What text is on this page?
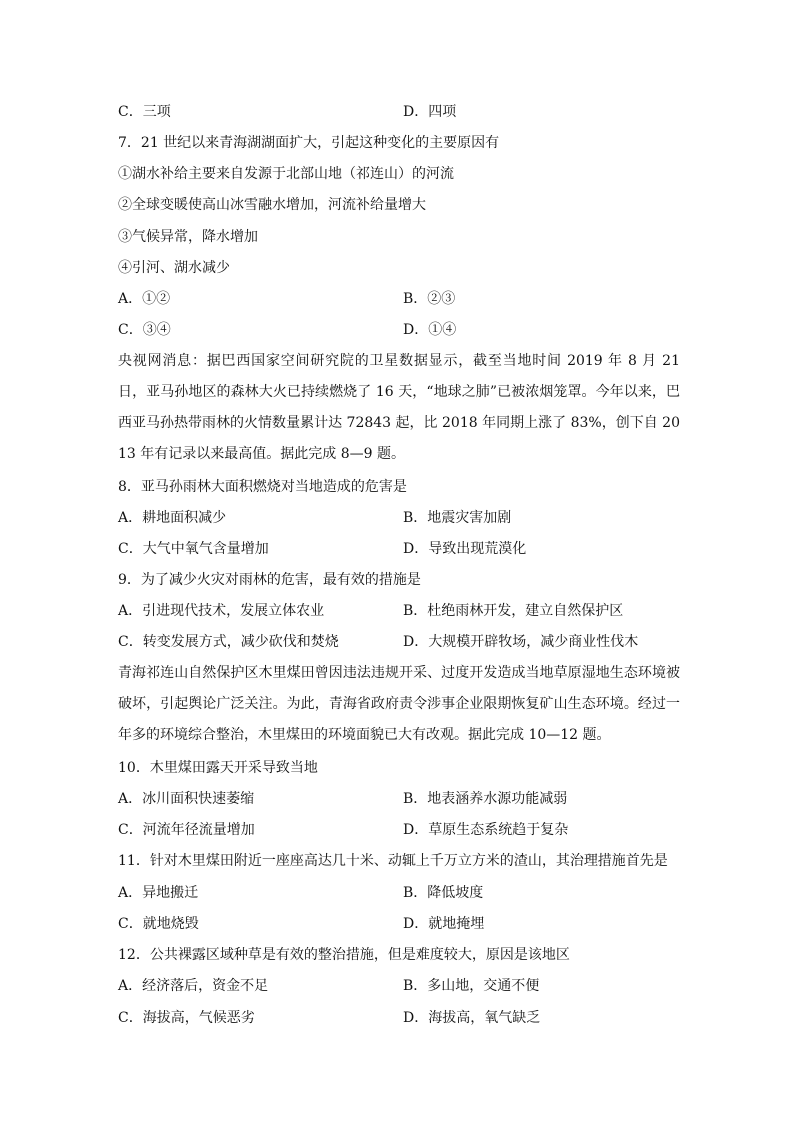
C．三项	D．四项
7．21 世纪以来青海湖湖面扩大，引起这种变化的主要原因有
①湖水补给主要来自发源于北部山地（祁连山）的河流
②全球变暖使高山冰雪融水增加，河流补给量增大
③气候异常，降水增加
④引河、湖水减少
A．①②	B．②③
C．③④	D．①④
央视网消息：据巴西国家空间研究院的卫星数据显示，截至当地时间 2019 年 8 月 21 日，亚马孙地区的森林大火已持续燃烧了 16 天，“地球之肺”已被浓烟笼罩。今年以来，巴西亚马孙热带雨林的火情数量累计达 72843 起，比 2018 年同期上涨了 83%，创下自 2013 年有记录以来最高值。据此完成 8—9 题。
8．亚马孙雨林大面积燃烧对当地造成的危害是
A．耕地面积减少	B．地震灾害加剧
C．大气中氧气含量增加	D．导致出现荒漠化
9．为了减少火灾对雨林的危害，最有效的措施是
A．引进现代技术，发展立体农业	B．杜绝雨林开发，建立自然保护区
C．转变发展方式，减少砍伐和焚烧	D．大规模开辟牧场，减少商业性伐木
青海祁连山自然保护区木里煤田曾因违法违规开采、过度开发造成当地草原湿地生态环境被破坏，引起舆论广泛关注。为此，青海省政府责令涉事企业限期恢复矿山生态环境。经过一年多的环境综合整治，木里煤田的环境面貌已大有改观。据此完成 10—12 题。
10．木里煤田露天开采导致当地
A．冰川面积快速萎缩	B．地表涵养水源功能减弱
C．河流年径流量增加	D．草原生态系统趋于复杂
11．针对木里煤田附近一座座高达几十米、动辄上千万立方米的渣山，其治理措施首先是
A．异地搬迁	B．降低坡度
C．就地烧毁	D．就地掩埋
12．公共裸露区域种草是有效的整治措施，但是难度较大，原因是该地区
A．经济落后，资金不足	B．多山地，交通不便
C．海拔高，气候恶劣	D．海拔高，氧气缺乏
